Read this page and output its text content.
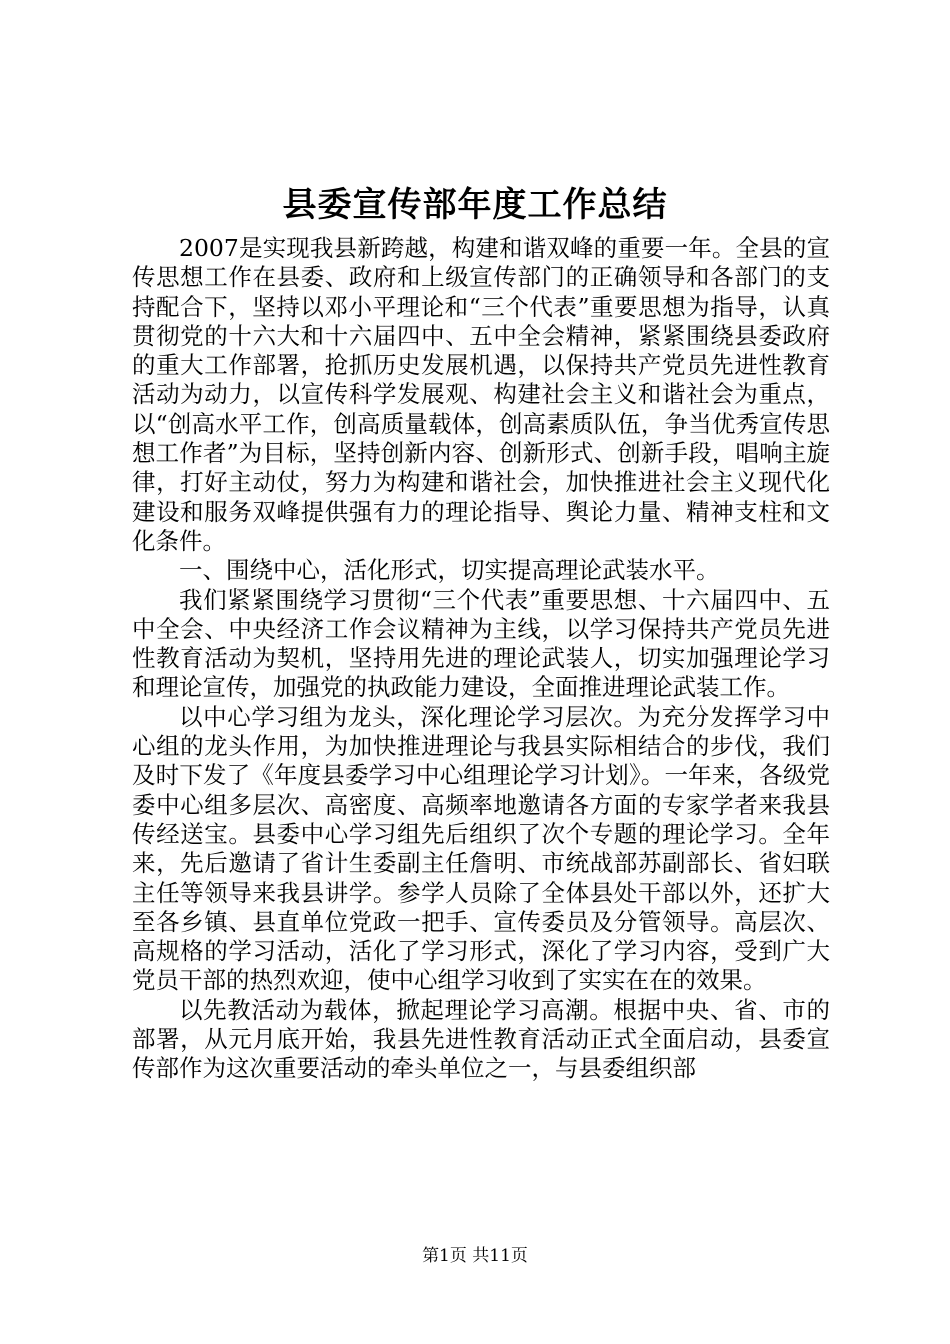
县委宣传部年度工作总结

2007是实现我县新跨越，构建和谐双峰的重要一年。全县的宣传思想工作在县委、政府和上级宣传部门的正确领导和各部门的支持配合下，坚持以邓小平理论和“三个代表”重要思想为指导，认真贯彻党的十六大和十六届四中、五中全会精神，紧紧围绕县委政府的重大工作部署，抢抓历史发展机遇，以保持共产党员先进性教育活动为动力，以宣传科学发展观、构建社会主义和谐社会为重点，以“创高水平工作，创高质量载体，创高素质队伍，争当优秀宣传思想工作者”为目标，坚持创新内容、创新形式、创新手段，唱响主旋律，打好主动仗，努力为构建和谐社会，加快推进社会主义现代化建设和服务双峰提供强有力的理论指导、舆论力量、精神支柱和文化条件。

一、围绕中心，活化形式，切实提高理论武装水平。

我们紧紧围绕学习贯彻“三个代表”重要思想、十六届四中、五中全会、中央经济工作会议精神为主线，以学习保持共产党员先进性教育活动为契机，坚持用先进的理论武装人，切实加强理论学习和理论宣传，加强党的执政能力建设，全面推进理论武装工作。

以中心学习组为龙头，深化理论学习层次。为充分发挥学习中心组的龙头作用，为加快推进理论与我县实际相结合的步伐，我们及时下发了《年度县委学习中心组理论学习计划》。一年来，各级党委中心组多层次、高密度、高频率地邀请各方面的专家学者来我县传经送宝。县委中心学习组先后组织了次个专题的理论学习。全年来，先后邀请了省计生委副主任詹明、市统战部苏副部长、省妇联主任等领导来我县讲学。参学人员除了全体县处干部以外，还扩大至各乡镇、县直单位党政一把手、宣传委员及分管领导。高层次、高规格的学习活动，活化了学习形式，深化了学习内容，受到广大党员干部的热烈欢迎，使中心组学习收到了实实在在的效果。

以先教活动为载体，掀起理论学习高潮。根据中央、省、市的部署，从元月底开始，我县先进性教育活动正式全面启动，县委宣传部作为这次重要活动的牵头单位之一，与县委组织部

第1页 共11页
